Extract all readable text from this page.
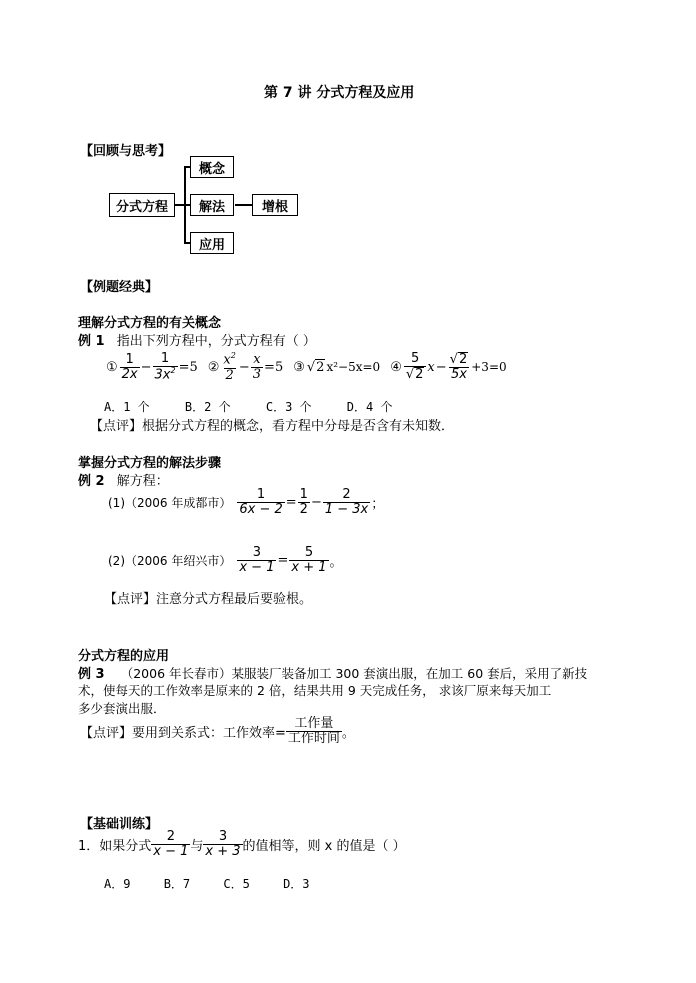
第 7 讲 分式方程及应用
【回顾与思考】
分式方程
概念
解法
应用
增根
【例题经典】
理解分式方程的有关概念
例 1 指出下列方程中，分式方程有（ ）
① $\frac{1}{2x} - \frac{1}{3x^2} =5$ ② $\frac{x^2}{2} - \frac{x}{3} =5$ ③ √ 2 x²−5x=0 ④ $\frac{5}{√ 2}$ $x - \frac{√ 2}{5x} +3=0$
A．1 个	B．2 个	C．3 个	D．4 个
【点评】根据分式方程的概念，看方程中分母是否含有未知数．
掌握分式方程的解法步骤
例 2 解方程：
(1)（2006 年成都市） $\frac{1}{6x - 2} = \frac{1}{2} - \frac{2}{1 - 3x}$ ；
(2)（2006 年绍兴市） $\frac{3}{x - 1} = \frac{5}{x + 1}$ 。
【点评】注意分式方程最后要验根。
分式方程的应用
例 3 （2006 年长春市）某服装厂装备加工 300 套演出服，在加工 60 套后，采用了新技
术，使每天的工作效率是原来的 2 倍，结果共用 9 天完成任务， 求该厂原来每天加工
多少套演出服．
【点评】要用到关系式：工作效率= $\frac{\text{工作量}}{\text{工作时间}}$ 。
【基础训练】
1．如果分式 $\frac{2}{x - 1}$ 与 $\frac{3}{x + 3}$ 的值相等，则 x 的值是（ ）
A．9	B．7	C．5	D．3
